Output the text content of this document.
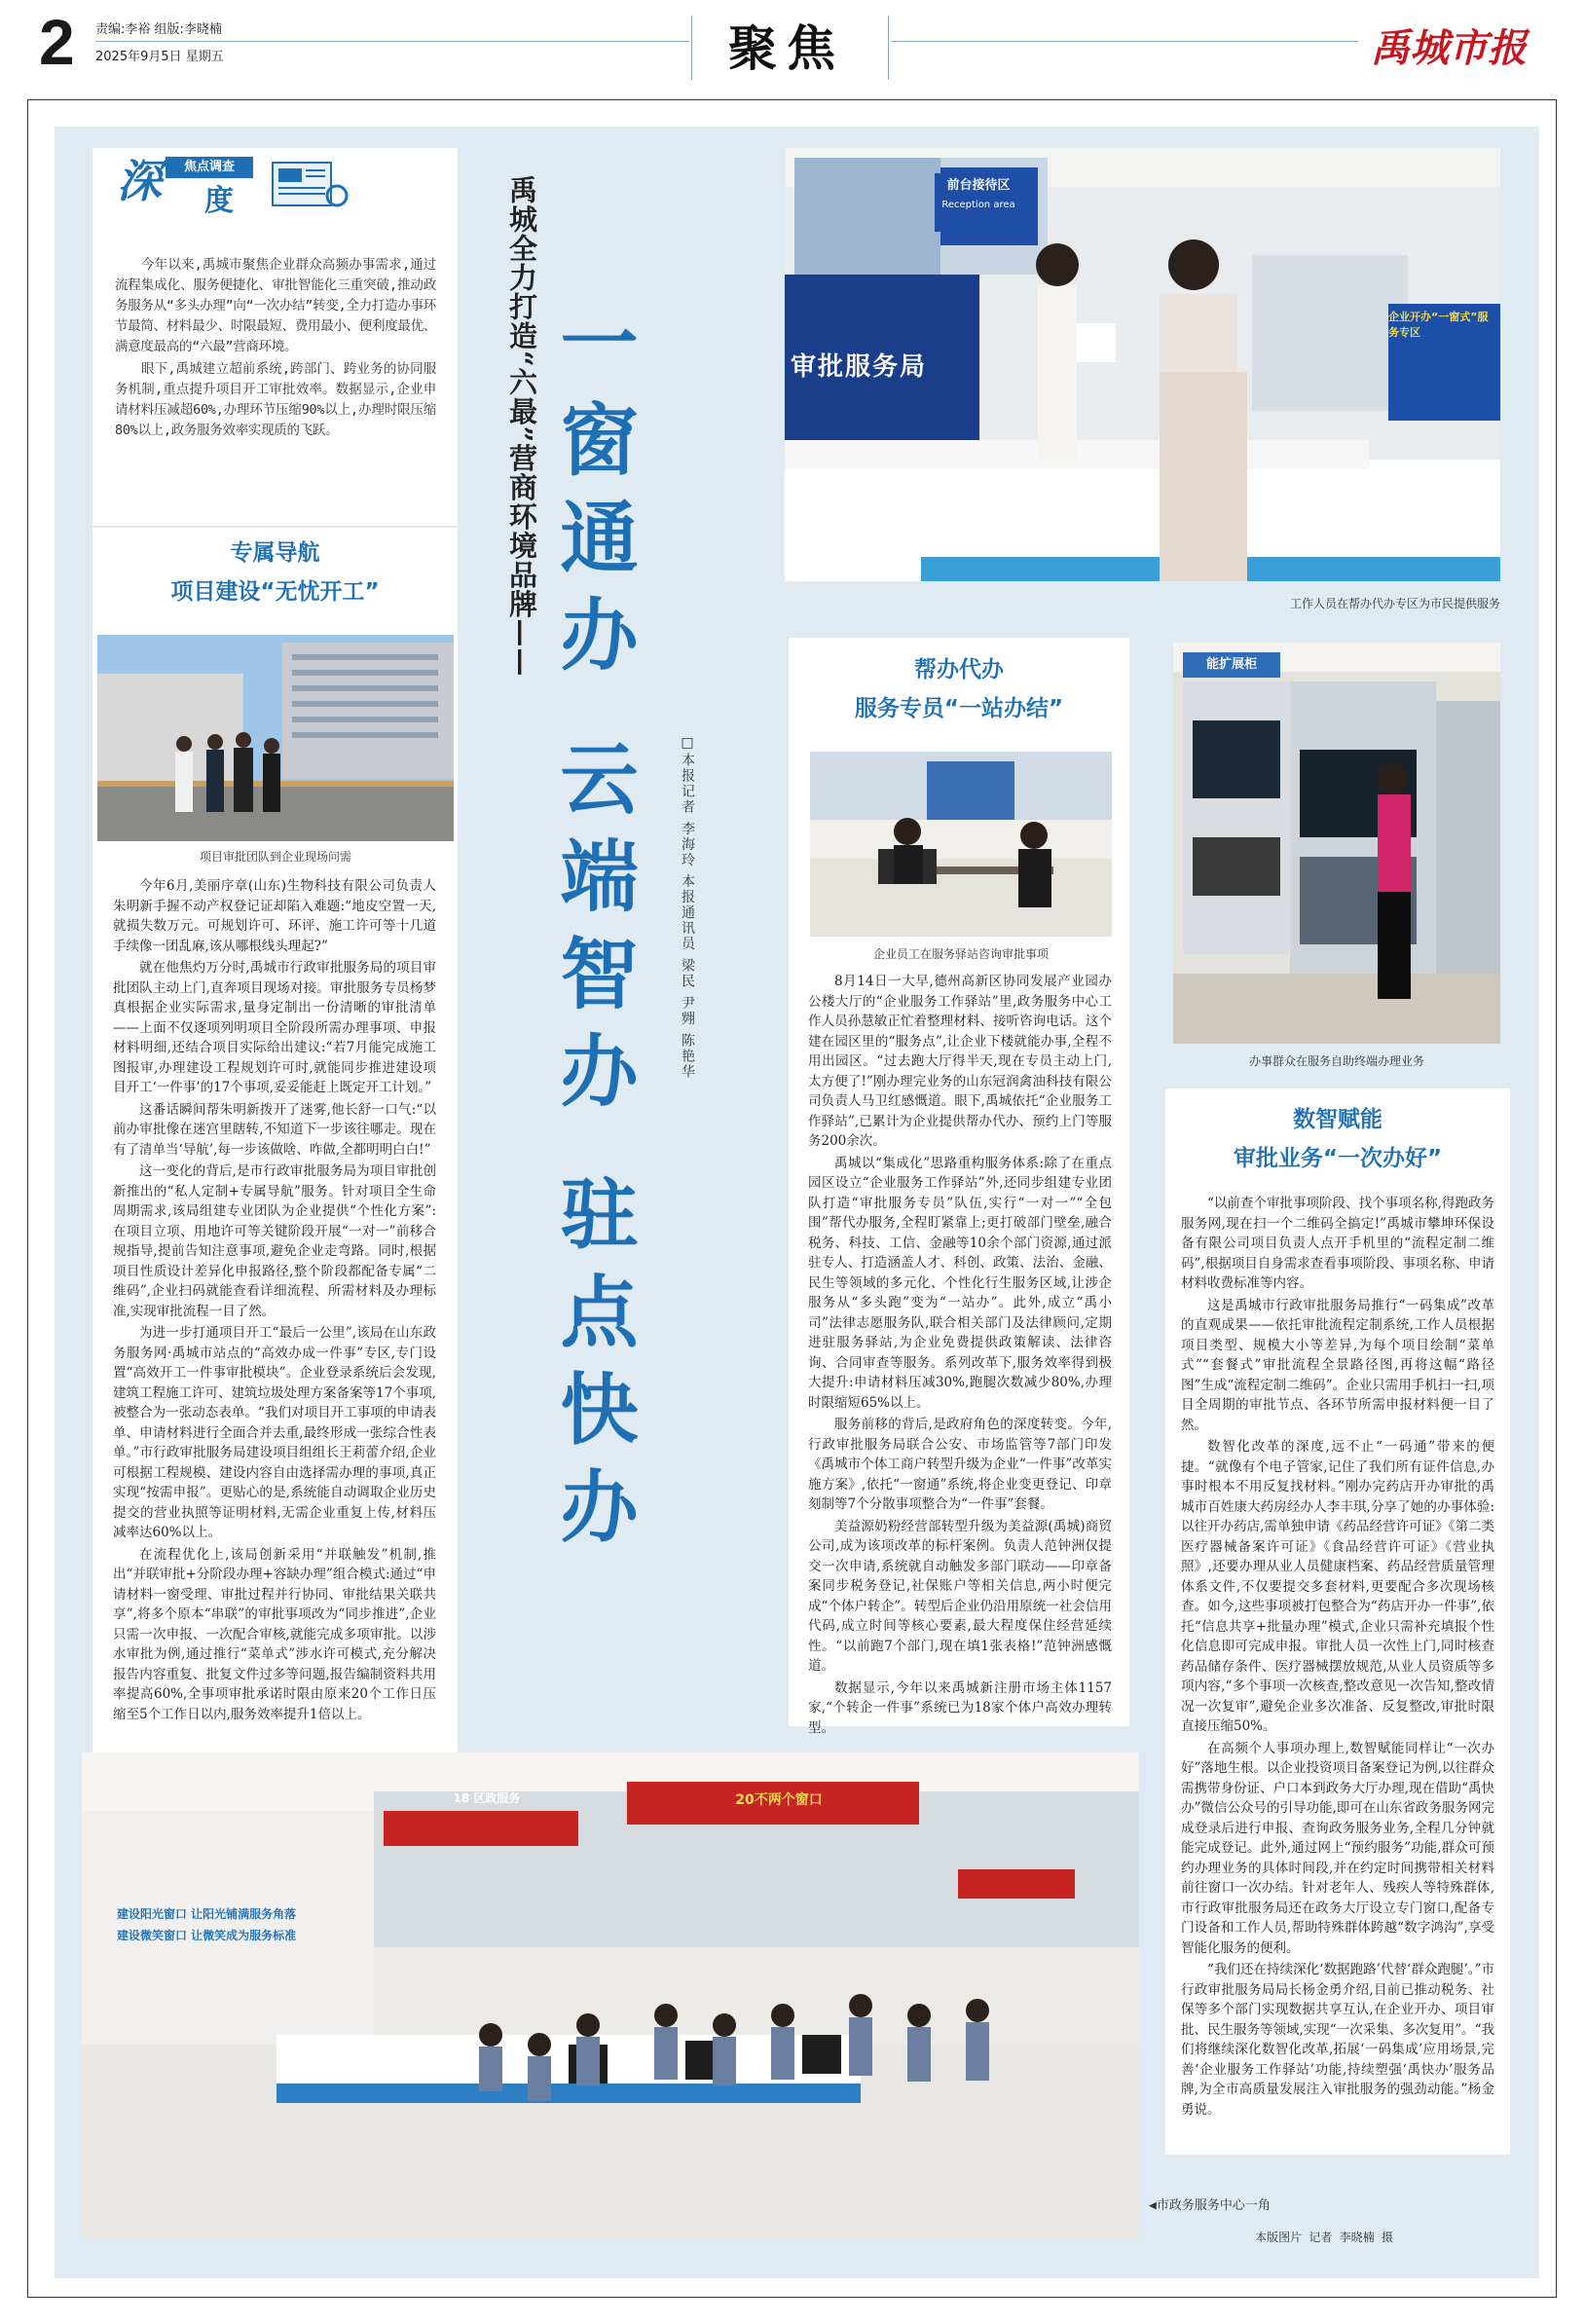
2 责编:李裕 组版:李晓楠
2025年9月5日 星期五	聚焦	禹城市报
深	焦点调查
度

今年以来,禹城市聚焦企业群众高频办事需求,通过流程集成化、服务便捷化、审批智能化三重突破,推动政务服务从“多头办理”向“一次办结”转变,全力打造办事环节最简、材料最少、时限最短、费用最小、便利度最优、满意度最高的“六最”营商环境。

眼下,禹城建立超前系统,跨部门、跨业务的协同服务机制,重点提升项目开工审批效率。数据显示,企业申请材料压减超60%,办理环节压缩90%以上,办理时限压缩80%以上,政务服务效率实现质的飞跃。

专属导航
项目建设“无忧开工”
项目审批团队到企业现场问需

今年6月,美丽序章(山东)生物科技有限公司负责人朱明新手握不动产权登记证却陷入难题:“地皮空置一天,就损失数万元。可规划许可、环评、施工许可等十几道手续像一团乱麻,该从哪根线头理起?”

就在他焦灼万分时,禹城市行政审批服务局的项目审批团队主动上门,直奔项目现场对接。审批服务专员杨梦真根据企业实际需求,量身定制出一份清晰的审批清单——上面不仅逐项列明项目全阶段所需办理事项、申报材料明细,还结合项目实际给出建议:“若7月能完成施工图报审,办理建设工程规划许可时,就能同步推进建设项目开工‘一件事’的17个事项,妥妥能赶上既定开工计划。”

这番话瞬间帮朱明新拨开了迷雾,他长舒一口气:“以前办审批像在迷宫里瞎转,不知道下一步该往哪走。现在有了清单当‘导航’,每一步该做啥、咋做,全都明明白白!”

这一变化的背后,是市行政审批服务局为项目审批创新推出的“私人定制+专属导航”服务。针对项目全生命周期需求,该局组建专业团队为企业提供“个性化方案”:在项目立项、用地许可等关键阶段开展“一对一”前移合规指导,提前告知注意事项,避免企业走弯路。同时,根据项目性质设计差异化申报路径,整个阶段都配备专属“二维码”,企业扫码就能查看详细流程、所需材料及办理标准,实现审批流程一目了然。

为进一步打通项目开工“最后一公里”,该局在山东政务服务网·禹城市站点的“高效办成一件事”专区,专门设置“高效开工一件事审批模块”。企业登录系统后会发现,建筑工程施工许可、建筑垃圾处理方案备案等17个事项,被整合为一张动态表单。“我们对项目开工事项的申请表单、申请材料进行全面合并去重,最终形成一张综合性表单。”市行政审批服务局建设项目组组长王莉蕾介绍,企业可根据工程规模、建设内容自由选择需办理的事项,真正实现“按需申报”。更贴心的是,系统能自动调取企业历史提交的营业执照等证明材料,无需企业重复上传,材料压减率达60%以上。

在流程优化上,该局创新采用“并联触发”机制,推出“并联审批+分阶段办理+容缺办理”组合模式:通过“申请材料一窗受理、审批过程并行协同、审批结果关联共享”,将多个原本“串联”的审批事项改为“同步推进”,企业只需一次申报、一次配合审核,就能完成多项审批。以涉水审批为例,通过推行“菜单式”涉水许可模式,充分解决报告内容重复、批复文件过多等问题,报告编制资料共用率提高60%,全事项审批承诺时限由原来20个工作日压缩至5个工作日以内,服务效率提升1倍以上。

禹城全力打造“六最”营商环境品牌—— 一窗通办 云端智办 驻点快办	□本报记者 李海玲 本报通讯员 梁民 尹翙 陈艳华
前台接待区
Reception area
审批服务局
企业开办“一窗式”服务专区
工作人员在帮办代办专区为市民提供服务
帮办代办
服务专员“一站办结”
企业员工在服务驿站咨询审批事项

8月14日一大早,德州高新区协同发展产业园办公楼大厅的“企业服务工作驿站”里,政务服务中心工作人员孙慧敏正忙着整理材料、接听咨询电话。这个建在园区里的“服务点”,让企业下楼就能办事,全程不用出园区。“过去跑大厅得半天,现在专员主动上门,太方便了!”刚办理完业务的山东冠润禽油科技有限公司负责人马卫红感慨道。眼下,禹城依托“企业服务工作驿站”,已累计为企业提供帮办代办、预约上门等服务200余次。

禹城以“集成化”思路重构服务体系:除了在重点园区设立“企业服务工作驿站”外,还同步组建专业团队打造“审批服务专员”队伍,实行“一对一”“全包围”帮代办服务,全程盯紧靠上;更打破部门壁垒,融合税务、科技、工信、金融等10余个部门资源,通过派驻专人、打造涵盖人才、科创、政策、法治、金融、民生等领域的多元化、个性化行生服务区域,让涉企服务从“多头跑”变为“一站办”。此外,成立“禹小司”法律志愿服务队,联合相关部门及法律顾问,定期进驻服务驿站,为企业免费提供政策解读、法律咨询、合同审查等服务。系列改革下,服务效率得到极大提升:申请材料压减30%,跑腿次数减少80%,办理时限缩短65%以上。

服务前移的背后,是政府角色的深度转变。今年,行政审批服务局联合公安、市场监管等7部门印发《禹城市个体工商户转型升级为企业“一件事”改革实施方案》,依托“一窗通”系统,将企业变更登记、印章刻制等7个分散事项整合为“一件事”套餐。

美益源奶粉经营部转型升级为美益源(禹城)商贸公司,成为该项改革的标杆案例。负责人范钟洲仅提交一次申请,系统就自动触发多部门联动——印章备案同步税务登记,社保账户等相关信息,两小时便完成“个体户转企”。转型后企业仍沿用原统一社会信用代码,成立时间等核心要素,最大程度保住经营延续性。“以前跑7个部门,现在填1张表格!”范钟洲感慨道。

数据显示,今年以来禹城新注册市场主体1157家,“个转企一件事”系统已为18家个体户高效办理转型。

能扩展柜
办事群众在服务自助终端办理业务
数智赋能
审批业务“一次办好”

“以前查个审批事项阶段、找个事项名称,得跑政务服务网,现在扫一个二维码全搞定!”禹城市攀坤环保设备有限公司项目负责人点开手机里的“流程定制二维码”,根据项目自身需求查看事项阶段、事项名称、申请材料收费标准等内容。

这是禹城市行政审批服务局推行“一码集成”改革的直观成果——依托审批流程定制系统,工作人员根据项目类型、规模大小等差异,为每个项目绘制“菜单式”“套餐式”审批流程全景路径图,再将这幅“路径图”生成“流程定制二维码”。企业只需用手机扫一扫,项目全周期的审批节点、各环节所需申报材料便一目了然。

数智化改革的深度,远不止“一码通”带来的便捷。“就像有个电子管家,记住了我们所有证件信息,办事时根本不用反复找材料。”刚办完药店开办审批的禹城市百姓康大药房经办人李丰琪,分享了她的办事体验:以往开办药店,需单独申请《药品经营许可证》《第二类医疗器械备案许可证》《食品经营许可证》《营业执照》,还要办理从业人员健康档案、药品经营质量管理体系文件,不仅要提交多套材料,更要配合多次现场核查。如今,这些事项被打包整合为“药店开办一件事”,依托“信息共享+批量办理”模式,企业只需补充填报个性化信息即可完成申报。审批人员一次性上门,同时核查药品储存条件、医疗器械摆放规范,从业人员资质等多项内容,“多个事项一次核查,整改意见一次告知,整改情况一次复审”,避免企业多次准备、反复整改,审批时限直接压缩50%。

在高频个人事项办理上,数智赋能同样让“一次办好”落地生根。以企业投资项目备案登记为例,以往群众需携带身份证、户口本到政务大厅办理,现在借助“禹快办”微信公众号的引导功能,即可在山东省政务服务网完成登录后进行申报、查询政务服务业务,全程几分钟就能完成登记。此外,通过网上“预约服务”功能,群众可预约办理业务的具体时间段,并在约定时间携带相关材料前往窗口一次办结。针对老年人、残疾人等特殊群体,市行政审批服务局还在政务大厅设立专门窗口,配备专门设备和工作人员,帮助特殊群体跨越“数字鸿沟”,享受智能化服务的便利。

“我们还在持续深化‘数据跑路’代替‘群众跑腿’。”市行政审批服务局局长杨金勇介绍,目前已推动税务、社保等多个部门实现数据共享互认,在企业开办、项目审批、民生服务等领域,实现“一次采集、多次复用”。“我们将继续深化数智化改革,拓展‘一码集成’应用场景,完善‘企业服务工作驿站’功能,持续塑强‘禹快办’服务品牌,为全市高质量发展注入审批服务的强劲动能。”杨金勇说。

18 区政服务	20不两个窗口
建设阳光窗口 让阳光铺满服务角落
建设微笑窗口 让微笑成为服务标准
◀市政务服务中心一角
本版图片 记者 李晓楠 摄
